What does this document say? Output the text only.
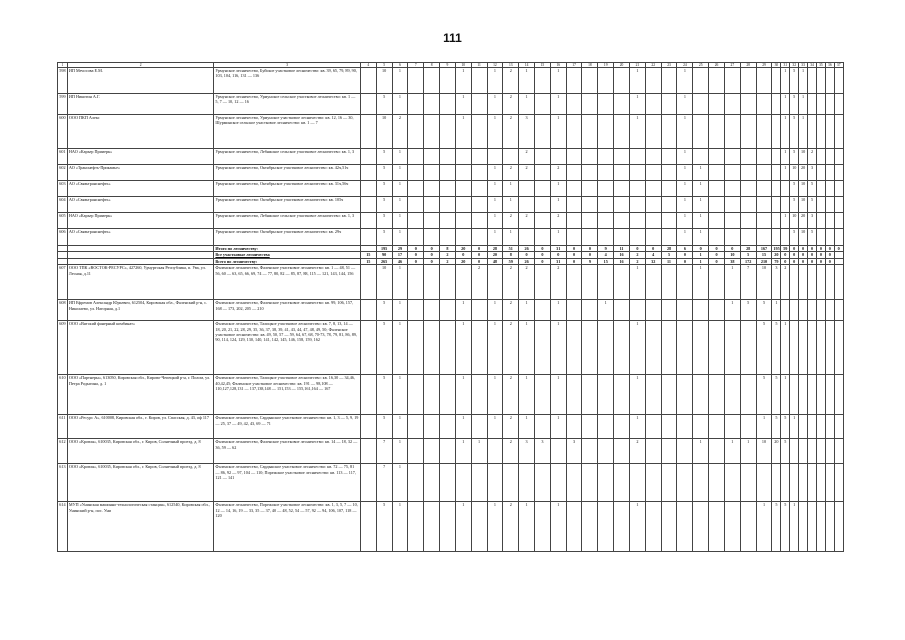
111
1	2	3	4	5	6	7	8	9	10	11	12	13	14	15	16	17	18	19	20	21	22	23	24	25	26	27	28	29	30	31	32	33	34	35	36	37
598	ИП Мечосова Е.М.	Урмунское лесничество, Буйское участковое лесничество: кв. 39, 65, 79, 89, 90, 103, 104, 116, 131 — 136		10	1				1		1	2	1		1					1			1							1	5	1				
599	ИП Никитин А.Г.	Урмунское лесничество, Урмунское сельское участковое лесничество: кв. 1 — 5, 7 — 10, 12 — 16		5	1				1		1	2	1		1					1			1							1	5	1				
600	ООО ПКП Алекс	Урмунское лесничество, Урмунское участковое лесничество: кв. 12, 16 — 30, Шурминское сельское участковое лесничество: кв. 1 — 7		10	2				1		1	2	3		1					1			1							1	5	1				
601	НАО «Карьер Прииерк»	Урмунское лесничество, Лебяжское сельское участковое лесничество: кв. 1, 3		5	1								2										1							1	5	10	2			
602	АО «Транснефть-Прикамье»	Урмунское лесничество, Октябрьское участковое лесничество: кв. 42ч,51ч		5	1						1	2	2		2								1	1						1	10	20	3			
603	АО «Связьтранснефть»	Урмунское лесничество, Октябрьское участковое лесничество: кв. 31ч,56ч		5	1						1	1			1								1	1							5	10	5			
604	АО «Связьтранснефть»	Урмунское лесничество: Октябрьское участковое лесничество: кв. 105ч		5	1						1	1			1								1	1							5	10	5			
605	НАО «Карьер Прииерк»	Урмунское лесничество, Лебяжское сельское участковое лесничество: кв. 1, 3		5	1						1	2	2		2								1	1						1	10	20	3			
606	АО «Связьтранснефть»	Урмунское лесничество: Октябрьское участковое лесничество: кв. 29ч		5	1						1	1			1								1	1							5	10	5			
		Итого по лесничеству:		195	29	0	0	8	20	0	28	51	26	0	31	0	0	9	11	0	0	28	6	0	0	0	28	167	195	59	0	0	0	0	0	0
		Все участковые лесничества	15	90	17	0	0	2	0	0	20	8	0	0	0	0	0	4	16	2	4	5	0	1	0	10	5	15	20	0	0	0	0	0	0	
		Всего по лесничеству:	15	265	46	0	0	2	20	0	48	59	26	0	31	0	9	15	16	2	32	11	0	1	0	38	172	210	79	0	0	0	0	0	0	
607	ООО ТПК «ВОСТОК-РЕСУРС», 427260, Удмуртская Республика, п. Ува, ул. Лесная, д.11	Фаленское лесничество, Фаленское участковое лесничество: кв. 1 — 48, 51 — 56, 60 — 63, 65, 66, 69, 74 — 77, 80, 82 — 85, 87, 88, 115 — 121, 143, 144, 156		10	1					2		2	2		2					1				1		1	7	10	3	2						
608	ИП Ефремов Александр Юрьевич, 612504, Кировская обл., Фаленский р-н, с. Николаево, ул. Нагорная, д.1	Фаленское лесничество, Фаленское участковое лесничество: кв. 99, 106, 157, 168 — 173, 202, 205 — 210		5	1				1		1	2	1		1			1								1	5	5	1							
609	ООО «Вятский фанерный комбинат»	Фаленское лесничество, Талицкое участковое лесничество: кв. 7, 8, 13, 14 — 18, 20, 21, 22, 28, 29, 35, 36, 37, 38, 39, 41, 43, 44, 47, 48, 49, 50; Фаленское участковое лесничество: кв. 49, 50, 57 — 59, 64, 67, 68, 70-73, 78, 79, 81, 86, 89, 90, 114, 124, 129, 130, 140, 141, 142, 145, 146, 158, 159, 162		5	1				1		1	2	1		1					1								5	5	1						
610	ООО «Партнеры», 613050, Кировская обл., Кирово-Чепецкий р-н, г. Полом, ул. Петра Родыгина, д. 1	Фаленское лесничество, Талицкое участковое лесничество: кв. 16,30 — 34,46, 40,42,45; Фаленское участковое лесничество: кв. 191 — 98,108 — 110,127,128,131 — 137,138,148 — 151,153 — 155,161,164 — 167		5	1				1		1	2	1		1					1								5	5	1						
611	ООО «Ресурс А», 610008, Кировская обл., г. Киров, ул. Спасская, д. 43, оф 117	Фаленское лесничество, Сардыкское участковое лесничество: кв. 1, 3 — 5, 9, 19 — 25, 37 — 49, 42, 43, 69 — 71		5	1				1		1	2	1		1					1								1	5	5	1					
612	ООО «Кровля», 610035, Кировская обл., г. Киров, Солнечный проезд, д. 8	Фаленское лесничество, Фаленское участковое лесничество: кв. 14 — 18, 32 — 36, 59 — 62		7	1				1	1		2	3	3		3				2				1		1	1	10	20	5						
613	ООО «Кровля», 610035, Кировская обл., г. Киров, Солнечный проезд, д. 8	Фаленское лесничество, Сардыкское участковое лесничество: кв. 72 — 75, 81 — 86, 92 — 97, 104 — 110; Порежское участковое лесничество: кв. 113 — 117, 121 — 141		7	1																															
614	МУП «Унинская машинно-технологическая станция», 612540, Кировская обл., Унинский р-н, пос. Уни	Фаленское лесничество, Порежское участковое лесничество: кв. 1, 3, 5, 7 — 10, 12 — 14, 16, 19 — 33, 35 — 37, 40 — 48, 52, 54 — 57, 92 — 94, 106, 107, 118 — 120		5	1				1		1	2	1		1					1								1	5	5	1					
